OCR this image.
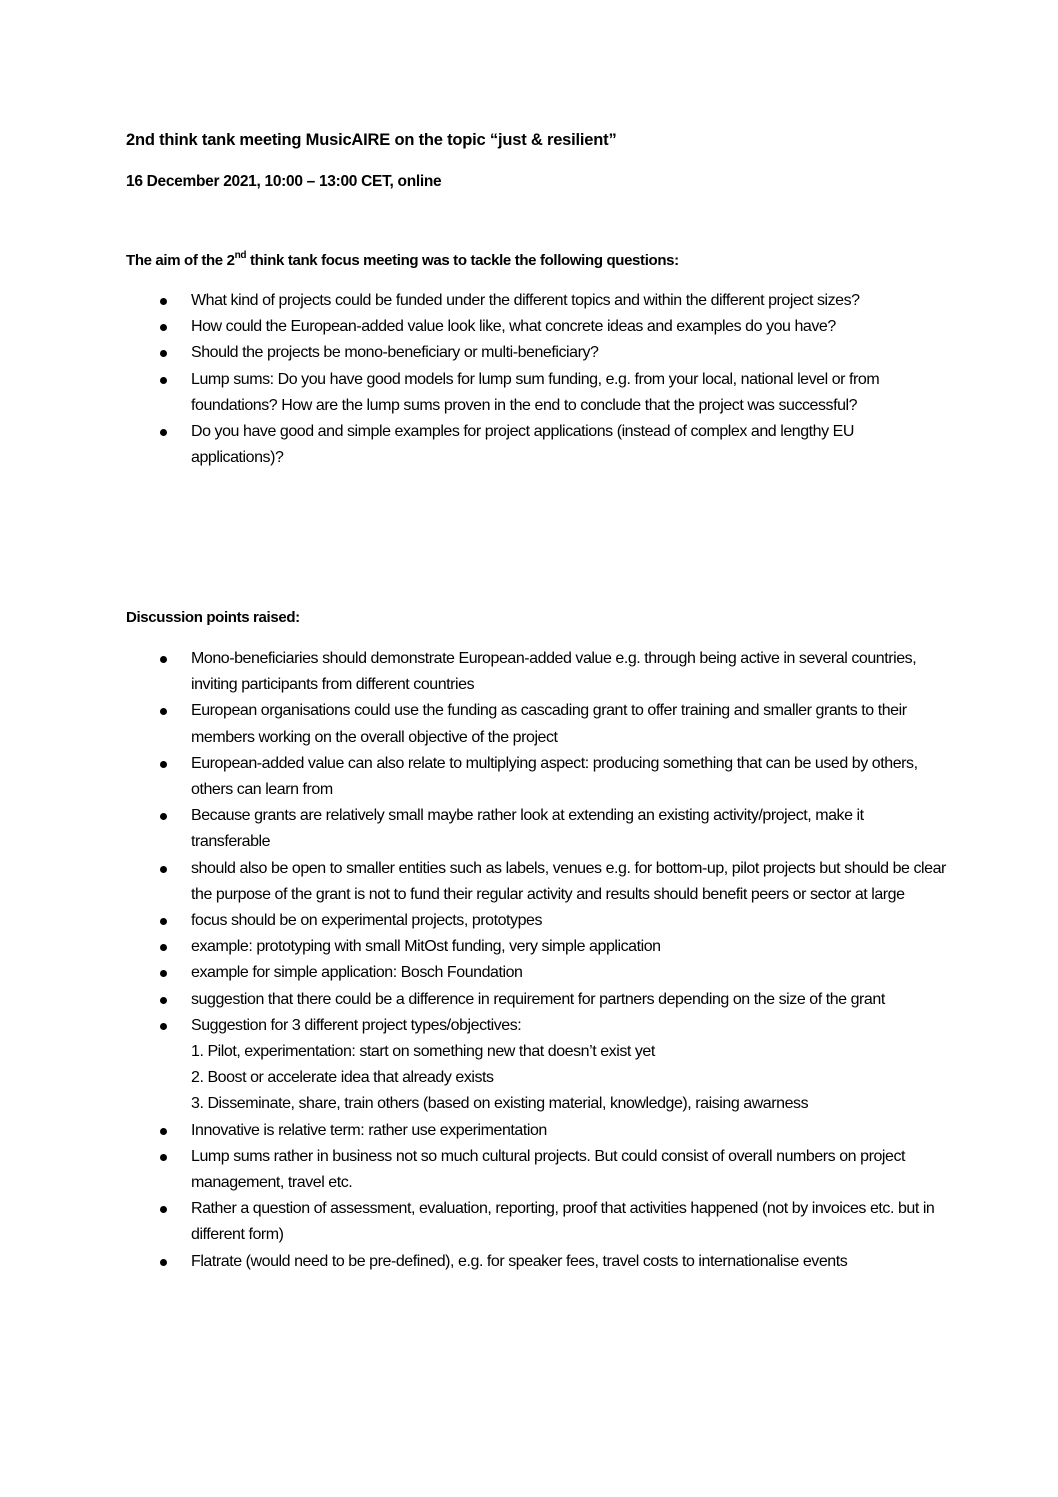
2nd think tank meeting MusicAIRE on the topic “just & resilient”
16 December 2021, 10:00 – 13:00 CET, online
The aim of the 2nd think tank focus meeting was to tackle the following questions:
What kind of projects could be funded under the different topics and within the different project sizes?
How could the European-added value look like, what concrete ideas and examples do you have?
Should the projects be mono-beneficiary or multi-beneficiary?
Lump sums: Do you have good models for lump sum funding, e.g. from your local, national level or from foundations? How are the lump sums proven in the end to conclude that the project was successful?
Do you have good and simple examples for project applications (instead of complex and lengthy EU applications)?
Discussion points raised:
Mono-beneficiaries should demonstrate European-added value e.g. through being active in several countries, inviting participants from different countries
European organisations could use the funding as cascading grant to offer training and smaller grants to their members working on the overall objective of the project
European-added value can also relate to multiplying aspect: producing something that can be used by others, others can learn from
Because grants are relatively small maybe rather look at extending an existing activity/project, make it transferable
should also be open to smaller entities such as labels, venues e.g. for bottom-up, pilot projects but should be clear the purpose of the grant is not to fund their regular activity and results should benefit peers or sector at large
focus should be on experimental projects, prototypes
example: prototyping with small MitOst funding, very simple application
example for simple application: Bosch Foundation
suggestion that there could be a difference in requirement for partners depending on the size of the grant
Suggestion for 3 different project types/objectives:
1. Pilot, experimentation: start on something new that doesn’t exist yet
2. Boost or accelerate idea that already exists
3. Disseminate, share, train others (based on existing material, knowledge), raising awarness
Innovative is relative term: rather use experimentation
Lump sums rather in business not so much cultural projects. But could consist of overall numbers on project management, travel etc.
Rather a question of assessment, evaluation, reporting, proof that activities happened (not by invoices etc. but in different form)
Flatrate (would need to be pre-defined), e.g. for speaker fees, travel costs to internationalise events
